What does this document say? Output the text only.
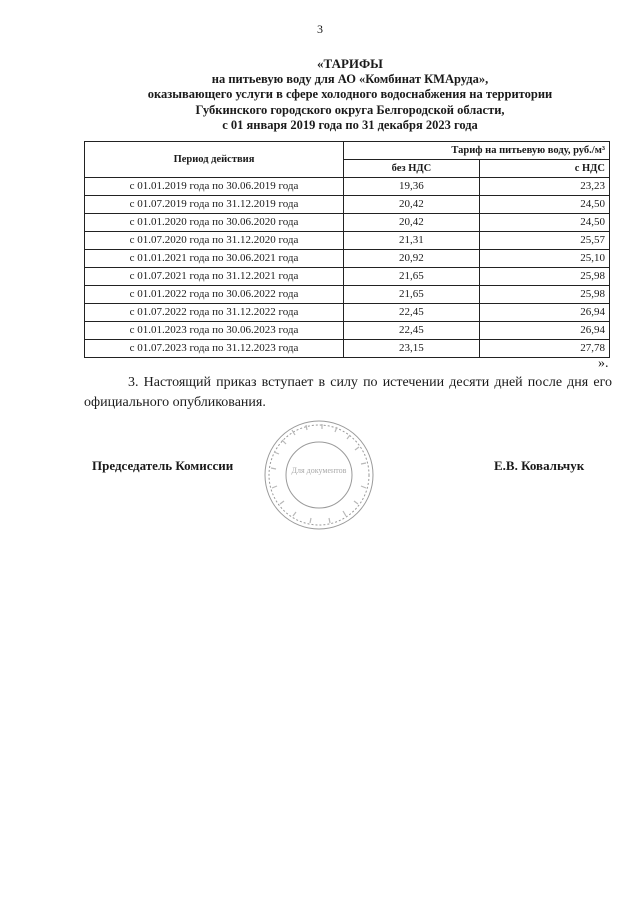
3
«ТАРИФЫ
на питьевую воду для АО «Комбинат КМАруда»,
оказывающего услуги в сфере холодного водоснабжения на территории
Губкинского городского округа Белгородской области,
с 01 января 2019 года по 31 декабря 2023 года
Период действия	Тариф на питьевую воду, руб./м³	
	без НДС	с НДС
с 01.01.2019 года по 30.06.2019 года	19,36	23,23
с 01.07.2019 года по 31.12.2019 года	20,42	24,50
с 01.01.2020 года по 30.06.2020 года	20,42	24,50
с 01.07.2020 года по 31.12.2020 года	21,31	25,57
с 01.01.2021 года по 30.06.2021 года	20,92	25,10
с 01.07.2021 года по 31.12.2021 года	21,65	25,98
с 01.01.2022 года по 30.06.2022 года	21,65	25,98
с 01.07.2022 года по 31.12.2022 года	22,45	26,94
с 01.01.2023 года по 30.06.2023 года	22,45	26,94
с 01.07.2023 года по 31.12.2023 года	23,15	27,78
».
3. Настоящий приказ вступает в силу по истечении десяти дней после дня его
официального опубликования.
Председатель Комиссии	Для документов	Е.В. Ковальчук
